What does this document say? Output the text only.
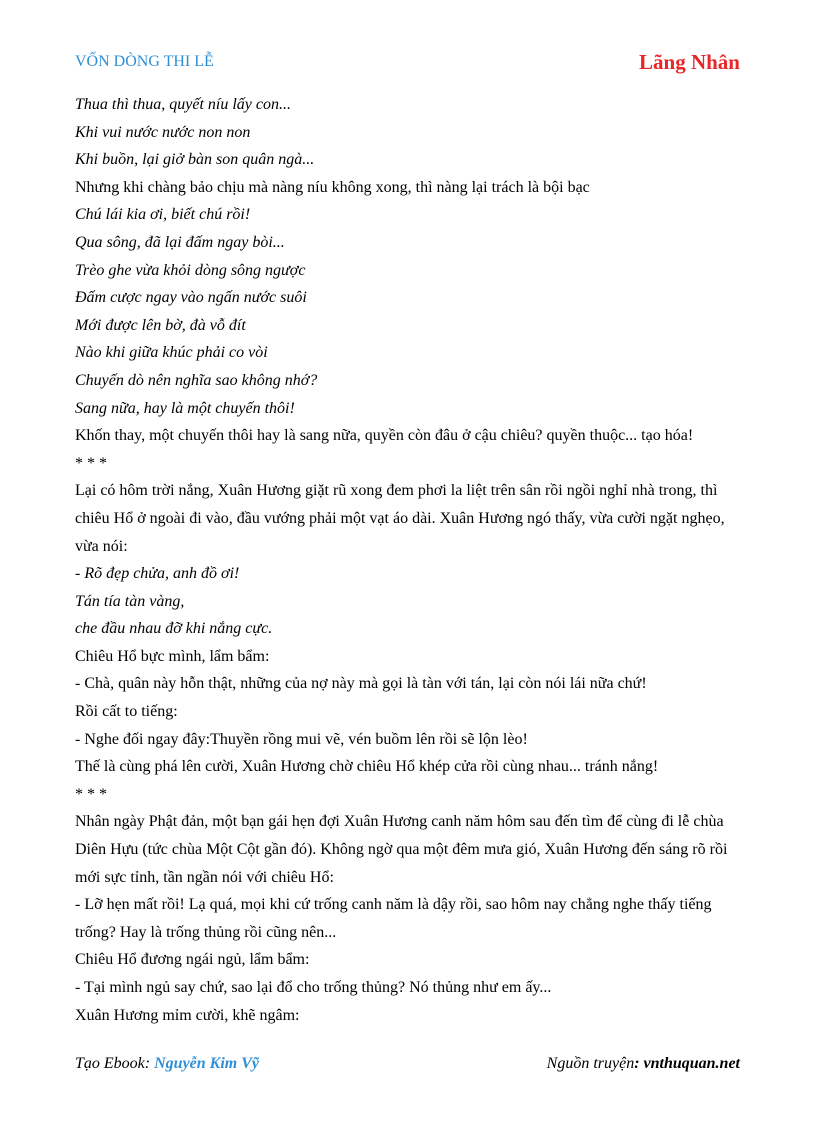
VỐN DÒNG THI LỄ	Lãng Nhân
Thua thì thua, quyết níu lấy con...
Khi vui nước nước non non
Khi buồn, lại giở bàn son quân ngà...
Nhưng khi chàng bảo chịu mà nàng níu không xong, thì nàng lại trách là bội bạc
Chú lái kia ơi, biết chú rồi!
Qua sông, đã lại đấm ngay bòi...
Trèo ghe vừa khỏi dòng sông ngược
Đấm cược ngay vào ngấn nước suôi
Mới được lên bờ, đà vỗ đít
Nào khi giữa khúc phải co vòi
Chuyến dò nên nghĩa sao không nhớ?
Sang nữa, hay là một chuyến thôi!
Khốn thay, một chuyến thôi hay là sang nữa, quyền còn đâu ở cậu chiêu? quyền thuộc... tạo hóa!
* * *
Lại có hôm trời nắng, Xuân Hương giặt rũ xong đem phơi la liệt trên sân rồi ngồi nghỉ nhà trong, thì chiêu Hổ ở ngoài đi vào, đầu vướng phải một vạt áo dài. Xuân Hương ngó thấy, vừa cười ngặt nghẹo, vừa nói:
- Rõ đẹp chửa, anh đồ ơi!
Tán tía tàn vàng,
che đầu nhau đỡ khi nắng cực.
Chiêu Hổ bực mình, lẩm bẩm:
- Chà, quân này hỗn thật, những của nợ này mà gọi là tàn với tán, lại còn nói lái nữa chứ!
Rồi cất to tiếng:
- Nghe đối ngay đây:Thuyền rồng mui vẽ, vén buồm lên rồi sẽ lộn lèo!
Thế là cùng phá lên cười, Xuân Hương chờ chiêu Hổ khép cửa rồi cùng nhau... tránh nắng!
* * *
Nhân ngày Phật đản, một bạn gái hẹn đợi Xuân Hương canh năm hôm sau đến tìm để cùng đi lễ chùa Diên Hựu (tức chùa Một Cột gần đó). Không ngờ qua một đêm mưa gió, Xuân Hương đến sáng rõ rồi mới sực tỉnh, tần ngần nói với chiêu Hổ:
- Lỡ hẹn mất rồi! Lạ quá, mọi khi cứ trống canh năm là dậy rồi, sao hôm nay chẳng nghe thấy tiếng trống? Hay là trống thủng rồi cũng nên...
Chiêu Hổ đương ngái ngủ, lẩm bẩm:
- Tại mình ngủ say chứ, sao lại đổ cho trống thủng? Nó thủng như em ấy...
Xuân Hương mỉm cười, khẽ ngâm:
Tạo Ebook: Nguyễn Kim Vỹ	Nguồn truyện: vnthuquan.net
